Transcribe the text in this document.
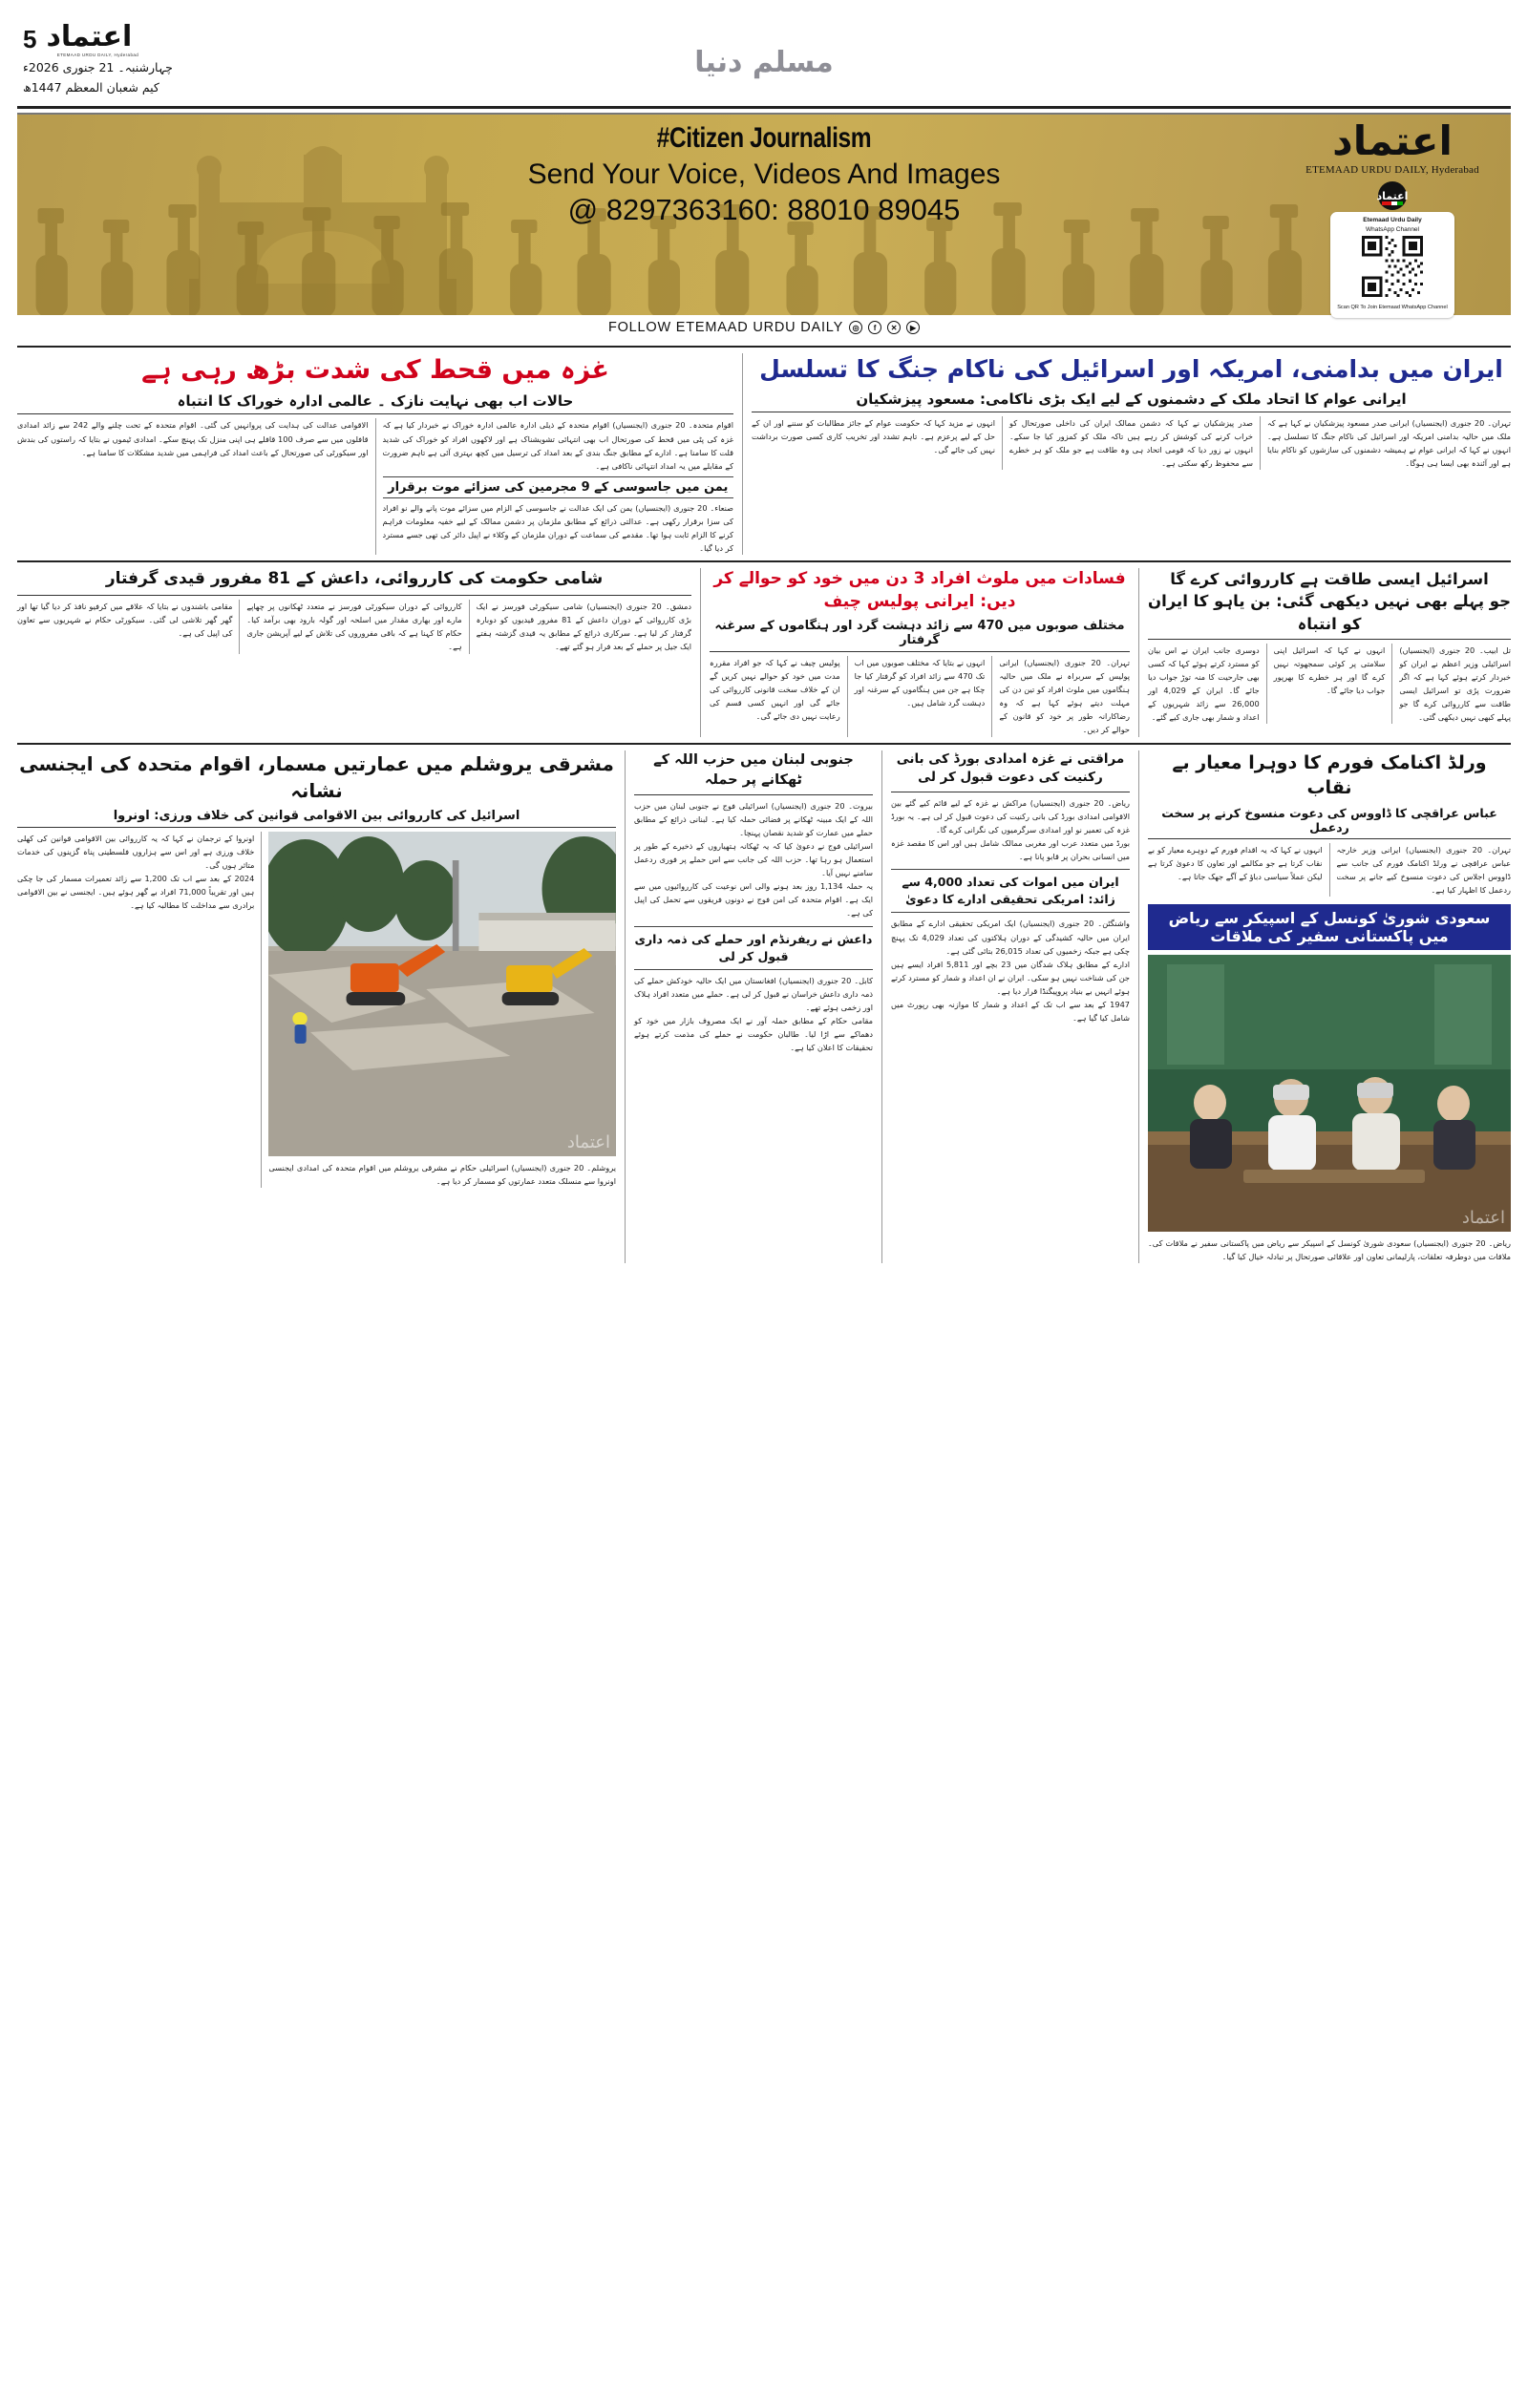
5 اعتماد
ETEMAAD URDU DAILY, Hyderabad
چہارشنبہ۔ 21 جنوری 2026ء
کیم شعبان المعظم 1447ھ
مسلم دنیا
#Citizen Journalism
Send Your Voice, Videos And Images
@ 8297363160: 88010 89045
اعتماد
ETEMAAD URDU DAILY, Hyderabad
اعتماد
Etemaad Urdu Daily
WhatsApp Channel
Scan QR To Join Etemaad WhatsApp Channel
FOLLOW ETEMAAD URDU DAILY	◎	f	✕	▶
ایران میں بدامنی، امریکہ اور اسرائیل کی ناکام جنگ کا تسلسل
ایرانی عوام کا اتحاد ملک کے دشمنوں کے لیے ایک بڑی ناکامی: مسعود پیزشکیان
تہران۔ 20 جنوری (ایجنسیاں) ایرانی صدر مسعود پیزشکیان نے کہا ہے کہ ملک میں حالیہ بدامنی امریکہ اور اسرائیل کی ناکام جنگ کا تسلسل ہے۔ انہوں نے کہا کہ ایرانی عوام نے ہمیشہ دشمنوں کی سازشوں کو ناکام بنایا ہے اور آئندہ بھی ایسا ہی ہوگا۔
صدر پیزشکیان نے کہا کہ دشمن ممالک ایران کی داخلی صورتحال کو خراب کرنے کی کوشش کر رہے ہیں تاکہ ملک کو کمزور کیا جا سکے۔ انہوں نے زور دیا کہ قومی اتحاد ہی وہ طاقت ہے جو ملک کو ہر خطرے سے محفوظ رکھ سکتی ہے۔
انہوں نے مزید کہا کہ حکومت عوام کے جائز مطالبات کو سننے اور ان کے حل کے لیے پرعزم ہے۔ تاہم تشدد اور تخریب کاری کسی صورت برداشت نہیں کی جائے گی۔
غزہ میں قحط کی شدت بڑھ رہی ہے
حالات اب بھی نہایت نازک ۔ عالمی ادارہ خوراک کا انتباہ
اقوام متحدہ۔ 20 جنوری (ایجنسیاں) اقوام متحدہ کے ذیلی ادارہ عالمی ادارہ خوراک نے خبردار کیا ہے کہ غزہ کی پٹی میں قحط کی صورتحال اب بھی انتہائی تشویشناک ہے اور لاکھوں افراد کو خوراک کی شدید قلت کا سامنا ہے۔ ادارے کے مطابق جنگ بندی کے بعد امداد کی ترسیل میں کچھ بہتری آئی ہے تاہم ضرورت کے مقابلے میں یہ امداد انتہائی ناکافی ہے۔
یمن میں جاسوسی کے 9 مجرمین کی سزائے موت برقرار
صنعاء۔ 20 جنوری (ایجنسیاں) یمن کی ایک عدالت نے جاسوسی کے الزام میں سزائے موت پانے والے نو افراد کی سزا برقرار رکھی ہے۔ عدالتی ذرائع کے مطابق ملزمان پر دشمن ممالک کے لیے خفیہ معلومات فراہم کرنے کا الزام ثابت ہوا تھا۔ مقدمے کی سماعت کے دوران ملزمان کے وکلاء نے اپیل دائر کی تھی جسے مسترد کر دیا گیا۔
الاقوامی عدالت کی ہدایت کی پروانہیں کی گئی۔ اقوام متحدہ کے تحت چلنے والے 242 سے زائد امدادی قافلوں میں سے صرف 100 قافلے ہی اپنی منزل تک پہنچ سکے۔ امدادی ٹیموں نے بتایا کہ راستوں کی بندش اور سیکورٹی کی صورتحال کے باعث امداد کی فراہمی میں شدید مشکلات کا سامنا ہے۔
اسرائیل ایسی طاقت ہے کارروائی کرے گا
جو پہلے بھی نہیں دیکھی گئی: بن یاہو کا ایران کو انتباہ
تل ابیب۔ 20 جنوری (ایجنسیاں) اسرائیلی وزیر اعظم نے ایران کو خبردار کرتے ہوئے کہا ہے کہ اگر ضرورت پڑی تو اسرائیل ایسی طاقت سے کارروائی کرے گا جو پہلے کبھی نہیں دیکھی گئی۔
انہوں نے کہا کہ اسرائیل اپنی سلامتی پر کوئی سمجھوتہ نہیں کرے گا اور ہر خطرے کا بھرپور جواب دیا جائے گا۔
دوسری جانب ایران نے اس بیان کو مسترد کرتے ہوئے کہا کہ کسی بھی جارحیت کا منہ توڑ جواب دیا جائے گا۔ ایران کے 4,029 اور 26,000 سے زائد شہریوں کے اعداد و شمار بھی جاری کیے گئے۔
فسادات میں ملوث افراد 3 دن میں خود کو حوالے کر دیں: ایرانی پولیس چیف
مختلف صوبوں میں 470 سے زائد دہشت گرد اور ہنگاموں کے سرغنہ گرفتار
تہران۔ 20 جنوری (ایجنسیاں) ایرانی پولیس کے سربراہ نے ملک میں حالیہ ہنگاموں میں ملوث افراد کو تین دن کی مہلت دیتے ہوئے کہا ہے کہ وہ رضاکارانہ طور پر خود کو قانون کے حوالے کر دیں۔
انہوں نے بتایا کہ مختلف صوبوں میں اب تک 470 سے زائد افراد کو گرفتار کیا جا چکا ہے جن میں ہنگاموں کے سرغنہ اور دہشت گرد شامل ہیں۔
پولیس چیف نے کہا کہ جو افراد مقررہ مدت میں خود کو حوالے نہیں کریں گے ان کے خلاف سخت قانونی کارروائی کی جائے گی اور انہیں کسی قسم کی رعایت نہیں دی جائے گی۔
شامی حکومت کی کارروائی، داعش کے 81 مفرور قیدی گرفتار
دمشق۔ 20 جنوری (ایجنسیاں) شامی سیکورٹی فورسز نے ایک بڑی کارروائی کے دوران داعش کے 81 مفرور قیدیوں کو دوبارہ گرفتار کر لیا ہے۔ سرکاری ذرائع کے مطابق یہ قیدی گزشتہ ہفتے ایک جیل پر حملے کے بعد فرار ہو گئے تھے۔
کارروائی کے دوران سیکورٹی فورسز نے متعدد ٹھکانوں پر چھاپے مارے اور بھاری مقدار میں اسلحہ اور گولہ بارود بھی برآمد کیا۔ حکام کا کہنا ہے کہ باقی مفروروں کی تلاش کے لیے آپریشن جاری ہے۔
مقامی باشندوں نے بتایا کہ علاقے میں کرفیو نافذ کر دیا گیا تھا اور گھر گھر تلاشی لی گئی۔ سیکورٹی حکام نے شہریوں سے تعاون کی اپیل کی ہے۔
ورلڈ اکنامک فورم کا دوہرا معیار بے نقاب
عباس عراقچی کا ڈاووس کی دعوت منسوخ کرنے پر سخت ردعمل
تہران۔ 20 جنوری (ایجنسیاں) ایرانی وزیر خارجہ عباس عراقچی نے ورلڈ اکنامک فورم کی جانب سے ڈاووس اجلاس کی دعوت منسوخ کیے جانے پر سخت ردعمل کا اظہار کیا ہے۔
انہوں نے کہا کہ یہ اقدام فورم کے دوہرے معیار کو بے نقاب کرتا ہے جو مکالمے اور تعاون کا دعویٰ کرتا ہے لیکن عملاً سیاسی دباؤ کے آگے جھک جاتا ہے۔
سعودی شوریٰ کونسل کے اسپیکر سے ریاض میں پاکستانی سفیر کی ملاقات
اعتماد
ریاض۔ 20 جنوری (ایجنسیاں) سعودی شوریٰ کونسل کے اسپیکر سے ریاض میں پاکستانی سفیر نے ملاقات کی۔ ملاقات میں دوطرفہ تعلقات، پارلیمانی تعاون اور علاقائی صورتحال پر تبادلہ خیال کیا گیا۔
مراقتی نے غزہ امدادی بورڈ کی بانی رکنیت کی دعوت قبول کر لی
ریاض۔ 20 جنوری (ایجنسیاں) مراکش نے غزہ کے لیے قائم کیے گئے بین الاقوامی امدادی بورڈ کی بانی رکنیت کی دعوت قبول کر لی ہے۔ یہ بورڈ غزہ کی تعمیر نو اور امدادی سرگرمیوں کی نگرانی کرے گا۔
بورڈ میں متعدد عرب اور مغربی ممالک شامل ہیں اور اس کا مقصد غزہ میں انسانی بحران پر قابو پانا ہے۔
ایران میں اموات کی تعداد 4,000 سے زائد: امریکی تحقیقی ادارے کا دعویٰ
واشنگٹن۔ 20 جنوری (ایجنسیاں) ایک امریکی تحقیقی ادارے کے مطابق ایران میں حالیہ کشیدگی کے دوران ہلاکتوں کی تعداد 4,029 تک پہنچ چکی ہے جبکہ زخمیوں کی تعداد 26,015 بتائی گئی ہے۔
ادارے کے مطابق ہلاک شدگان میں 23 بچے اور 5,811 افراد ایسے ہیں جن کی شناخت نہیں ہو سکی۔ ایران نے ان اعداد و شمار کو مسترد کرتے ہوئے انہیں بے بنیاد پروپیگنڈا قرار دیا ہے۔
1947 کے بعد سے اب تک کے اعداد و شمار کا موازنہ بھی رپورٹ میں شامل کیا گیا ہے۔
جنوبی لبنان میں حزب اللہ کے ٹھکانے پر حملہ
بیروت۔ 20 جنوری (ایجنسیاں) اسرائیلی فوج نے جنوبی لبنان میں حزب اللہ کے ایک مبینہ ٹھکانے پر فضائی حملہ کیا ہے۔ لبنانی ذرائع کے مطابق حملے میں عمارت کو شدید نقصان پہنچا۔
اسرائیلی فوج نے دعویٰ کیا کہ یہ ٹھکانہ ہتھیاروں کے ذخیرے کے طور پر استعمال ہو رہا تھا۔ حزب اللہ کی جانب سے اس حملے پر فوری ردعمل سامنے نہیں آیا۔
یہ حملہ 1,134 روز بعد ہونے والی اس نوعیت کی کارروائیوں میں سے ایک ہے۔ اقوام متحدہ کی امن فوج نے دونوں فریقوں سے تحمل کی اپیل کی ہے۔
داعش نے ریفرنڈم اور حملے کی ذمہ داری قبول کر لی
کابل۔ 20 جنوری (ایجنسیاں) افغانستان میں ایک حالیہ خودکش حملے کی ذمہ داری داعش خراسان نے قبول کر لی ہے۔ حملے میں متعدد افراد ہلاک اور زخمی ہوئے تھے۔
مقامی حکام کے مطابق حملہ آور نے ایک مصروف بازار میں خود کو دھماکے سے اڑا لیا۔ طالبان حکومت نے حملے کی مذمت کرتے ہوئے تحقیقات کا اعلان کیا ہے۔
مشرقی یروشلم میں عمارتیں مسمار، اقوام متحدہ کی ایجنسی نشانہ
اسرائیل کی کارروائی بین الاقوامی قوانین کی خلاف ورزی: اونروا
اعتماد
یروشلم۔ 20 جنوری (ایجنسیاں) اسرائیلی حکام نے مشرقی یروشلم میں اقوام متحدہ کی امدادی ایجنسی اونروا سے منسلک متعدد عمارتوں کو مسمار کر دیا ہے۔
اونروا کے ترجمان نے کہا کہ یہ کارروائی بین الاقوامی قوانین کی کھلی خلاف ورزی ہے اور اس سے ہزاروں فلسطینی پناہ گزینوں کی خدمات متاثر ہوں گی۔
2024 کے بعد سے اب تک 1,200 سے زائد تعمیرات مسمار کی جا چکی ہیں اور تقریباً 71,000 افراد بے گھر ہوئے ہیں۔ ایجنسی نے بین الاقوامی برادری سے مداخلت کا مطالبہ کیا ہے۔
